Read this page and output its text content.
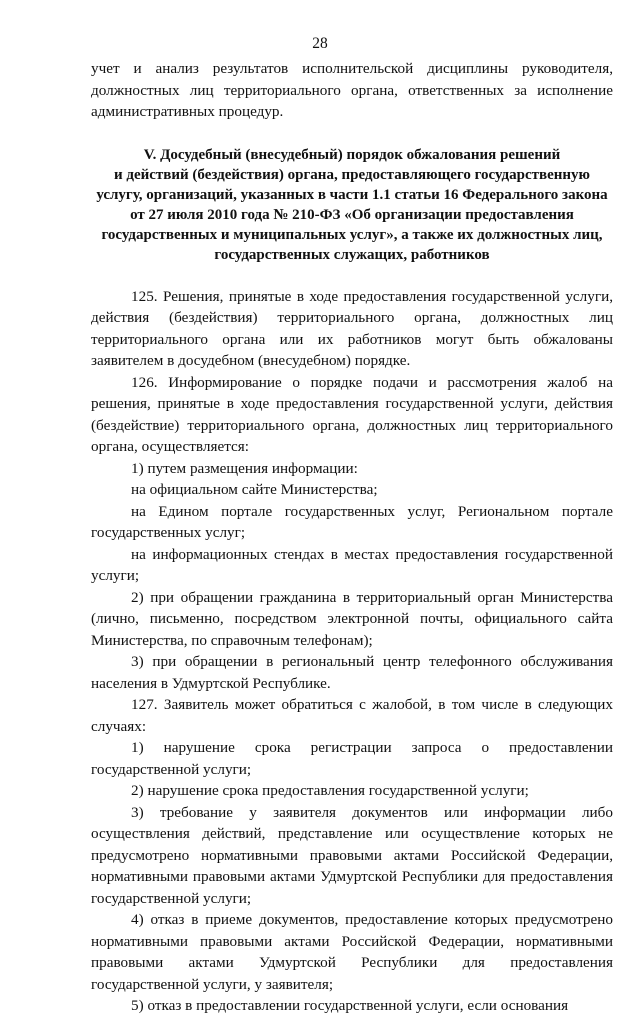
28

учет и анализ результатов исполнительской дисциплины руководителя, должностных лиц территориального органа, ответственных за исполнение административных процедур.

V. Досудебный (внесудебный) порядок обжалования решений
и действий (бездействия) органа, предоставляющего государственную
услугу, организаций, указанных в части 1.1 статьи 16 Федерального закона
от 27 июля 2010 года № 210-ФЗ «Об организации предоставления
государственных и муниципальных услуг», а также их должностных лиц,
государственных служащих, работников

125. Решения, принятые в ходе предоставления государственной услуги, действия (бездействия) территориального органа, должностных лиц территориального органа или их работников могут быть обжалованы заявителем в досудебном (внесудебном) порядке.

126. Информирование о порядке подачи и рассмотрения жалоб на решения, принятые в ходе предоставления государственной услуги, действия (бездействие) территориального органа, должностных лиц территориального органа, осуществляется:

1) путем размещения информации:

на официальном сайте Министерства;

на Едином портале государственных услуг, Региональном портале государственных услуг;

на информационных стендах в местах предоставления государственной услуги;

2) при обращении гражданина в территориальный орган Министерства (лично, письменно, посредством электронной почты, официального сайта Министерства, по справочным телефонам);

3) при обращении в региональный центр телефонного обслуживания населения в Удмуртской Республике.

127. Заявитель может обратиться с жалобой, в том числе в следующих случаях:

1) нарушение срока регистрации запроса о предоставлении государственной услуги;

2) нарушение срока предоставления государственной услуги;

3) требование у заявителя документов или информации либо осуществления действий, представление или осуществление которых не предусмотрено нормативными правовыми актами Российской Федерации, нормативными правовыми актами Удмуртской Республики для предоставления государственной услуги;

4) отказ в приеме документов, предоставление которых предусмотрено нормативными правовыми актами Российской Федерации, нормативными правовыми актами Удмуртской Республики для предоставления государственной услуги, у заявителя;

5) отказ в предоставлении государственной услуги, если основания
